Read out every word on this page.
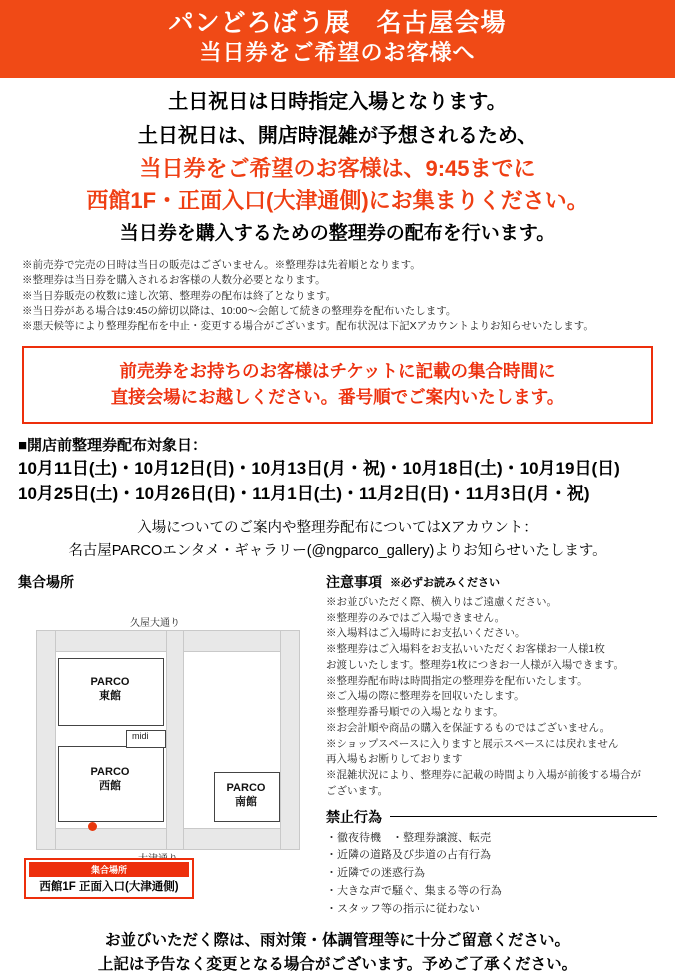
パンどろぼう展　名古屋会場
当日券をご希望のお客様へ
土日祝日は日時指定入場となります。
土日祝日は、開店時混雑が予想されるため、
当日券をご希望のお客様は、9:45までに
西館1F・正面入口(大津通側)にお集まりください。
当日券を購入するための整理券の配布を行います。
※前売券で完売の日時は当日の販売はございません。※整理券は先着順となります。
※整理券は当日券を購入されるお客様の人数分必要となります。
※当日券販売の枚数に達し次第、整理券の配布は終了となります。
※当日券がある場合は9:45の締切以降は、10:00〜会館して続きの整理券を配布いたします。
※悪天候等により整理券配布を中止・変更する場合がございます。配布状況は下記Xアカウントよりお知らせいたします。
前売券をお持ちのお客様はチケットに記載の集合時間に
直接会場にお越しください。番号順でご案内いたします。
■開店前整理券配布対象日：
10月11日(土)・10月12日(日)・10月13日(月・祝)・10月18日(土)・10月19日(日)
10月25日(土)・10月26日(日)・11月1日(土)・11月2日(日)・11月3日(月・祝)
入場についてのご案内や整理券配布についてはXアカウント：
名古屋PARCOエンタメ・ギャラリー(@ngparco_gallery)よりお知らせいたします。
集合場所
久屋大通り
PARCO
東館
PARCO
西館
midi
PARCO
南館
集合場所
西館1F 正面入口(大津通側)
注意事項 ※必ずお読みください
※お並びいただく際、横入りはご遠慮ください。
※整理券のみではご入場できません。
※入場料はご入場時にお支払いください。
※整理券はご入場料をお支払いいただくお客様お一人様1枚
お渡しいたします。整理券1枚につきお一人様が入場できます。
※整理券配布時は時間指定の整理券を配布いたします。
※ご入場の際に整理券を回収いたします。
※整理券番号順での入場となります。
※お会計順や商品の購入を保証するものではございません。
※ショップスペースに入りますと展示スペースには戻れません
再入場もお断りしております
※混雑状況により、整理券に記載の時間より入場が前後する場合が
ございます。
禁止行為
・徹夜待機　・整理券譲渡、転売
・近隣の道路及び歩道の占有行為
・近隣での迷惑行為
・大きな声で騒ぐ、集まる等の行為
・スタッフ等の指示に従わない
お並びいただく際は、雨対策・体調管理等に十分ご留意ください。
上記は予告なく変更となる場合がございます。予めご了承ください。
